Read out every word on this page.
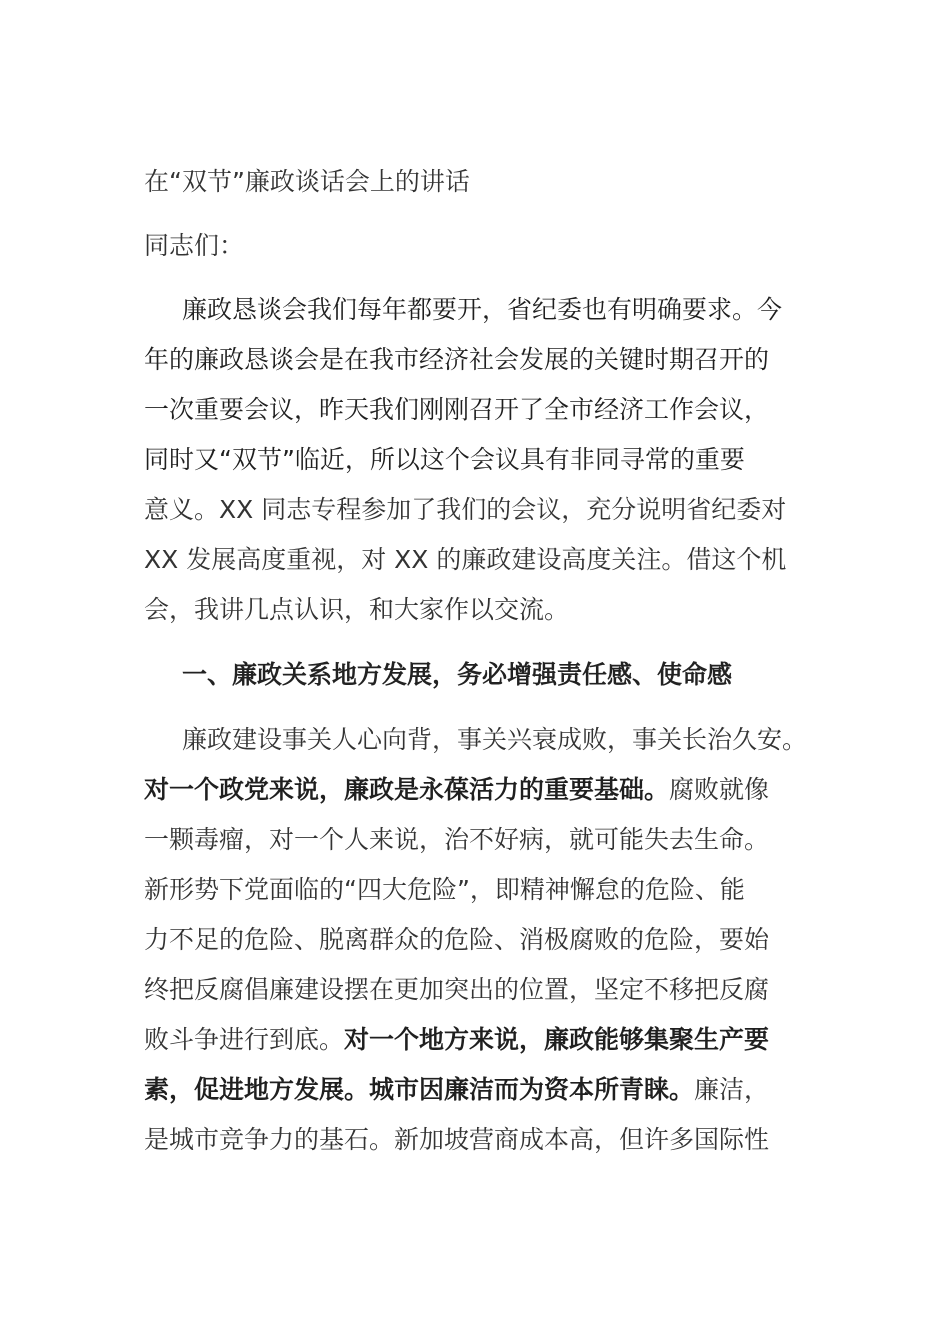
在“双节”廉政谈话会上的讲话
同志们：
廉政恳谈会我们每年都要开，省纪委也有明确要求。今
年的廉政恳谈会是在我市经济社会发展的关键时期召开的
一次重要会议，昨天我们刚刚召开了全市经济工作会议，
同时又“双节”临近，所以这个会议具有非同寻常的重要
意义。XX 同志专程参加了我们的会议，充分说明省纪委对
XX 发展高度重视，对 XX 的廉政建设高度关注。借这个机
会，我讲几点认识，和大家作以交流。
一、廉政关系地方发展，务必增强责任感、使命感
廉政建设事关人心向背，事关兴衰成败，事关长治久安。
对一个政党来说，廉政是永葆活力的重要基础。腐败就像
一颗毒瘤，对一个人来说，治不好病，就可能失去生命。
新形势下党面临的“四大危险”，即精神懈怠的危险、能
力不足的危险、脱离群众的危险、消极腐败的危险，要始
终把反腐倡廉建设摆在更加突出的位置，坚定不移把反腐
败斗争进行到底。对一个地方来说，廉政能够集聚生产要
素，促进地方发展。城市因廉洁而为资本所青睐。廉洁，
是城市竞争力的基石。新加坡营商成本高，但许多国际性
